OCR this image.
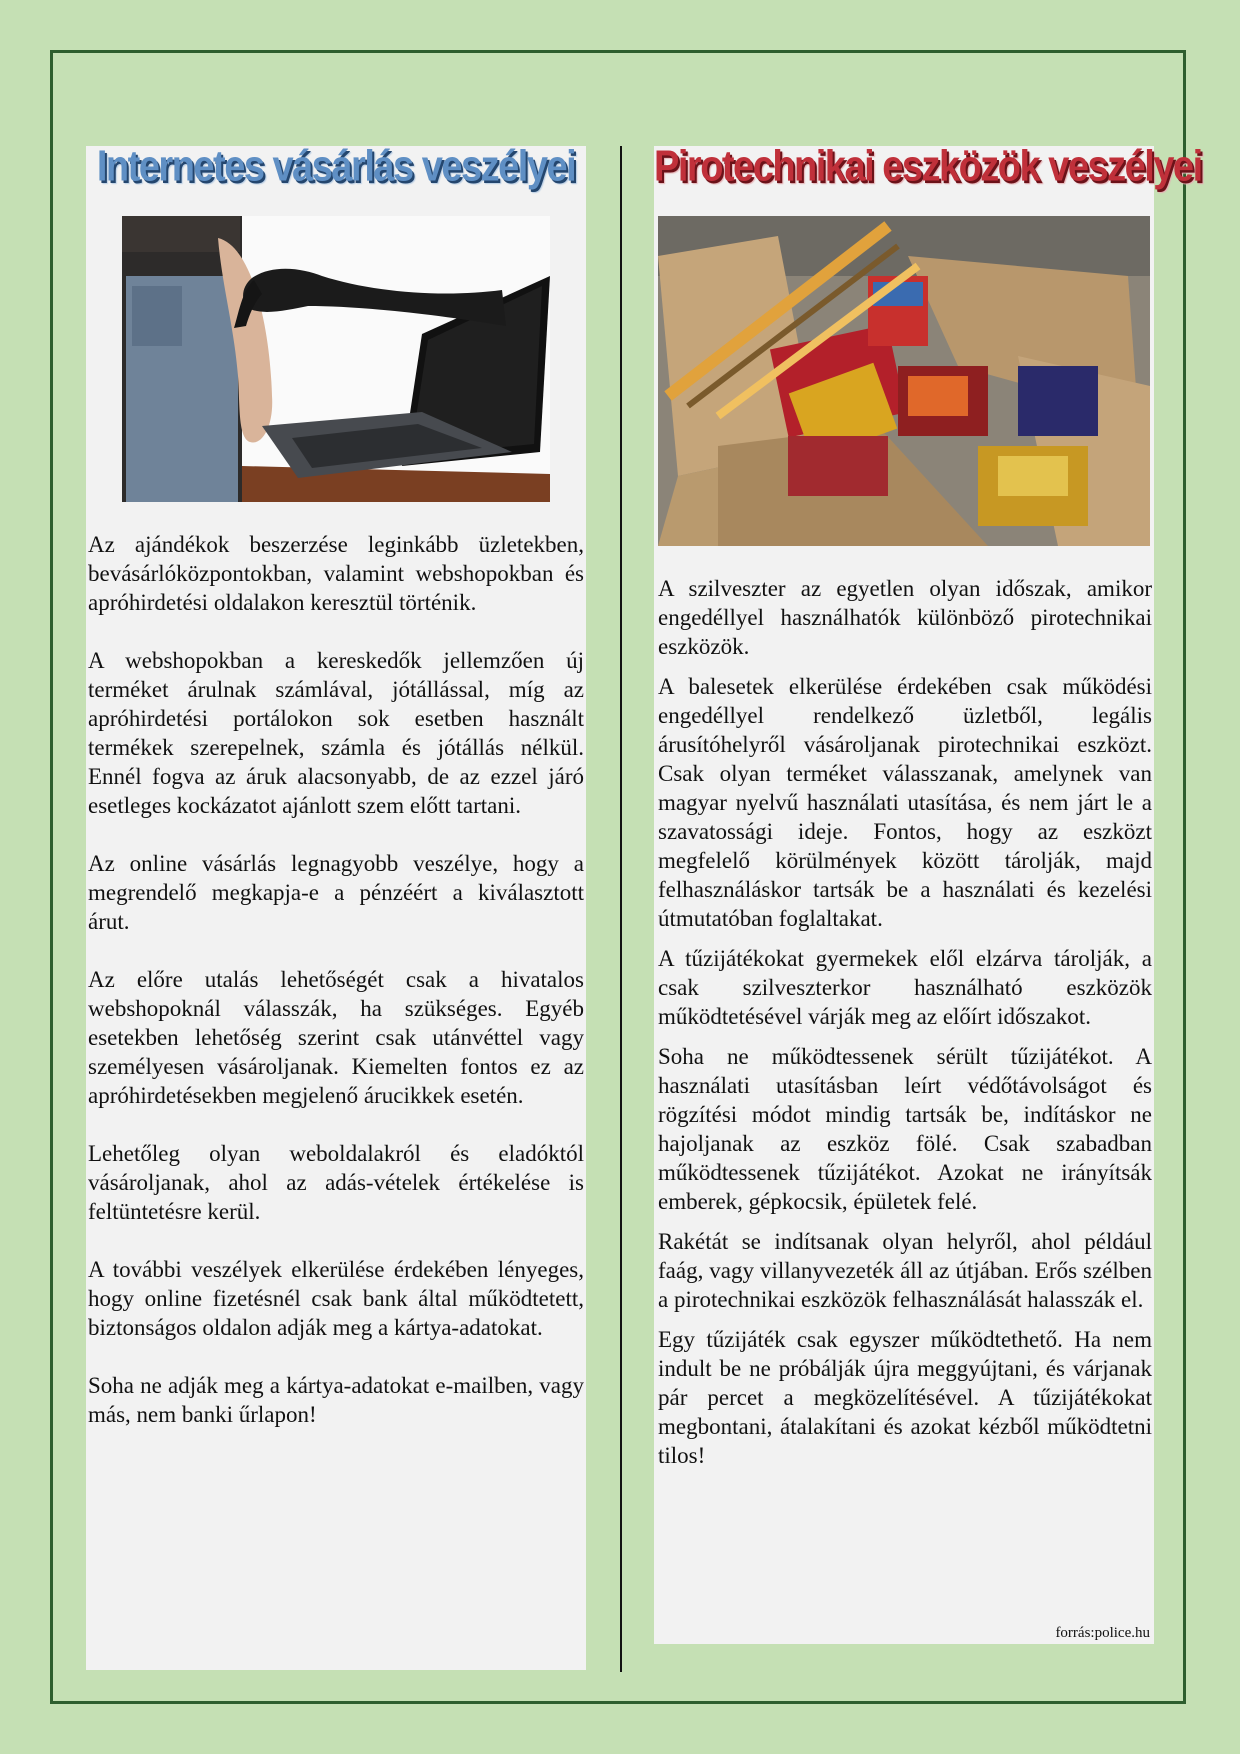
Internetes vásárlás veszélyei

Az ajándékok beszerzése leginkább üzletekben, bevásárlóközpontokban, valamint webshopokban és apróhirdetési oldalakon keresztül történik.

A webshopokban a kereskedők jellemzően új terméket árulnak számlával, jótállással, míg az apróhirdetési portálokon sok esetben használt termékek szerepelnek, számla és jótállás nélkül. Ennél fogva az áruk alacsonyabb, de az ezzel járó esetleges kockázatot ajánlott szem előtt tartani.

Az online vásárlás legnagyobb veszélye, hogy a megrendelő megkapja-e a pénzéért a kiválasztott árut.

Az előre utalás lehetőségét csak a hivatalos webshopoknál válasszák, ha szükséges. Egyéb esetekben lehetőség szerint csak utánvéttel vagy személyesen vásároljanak. Kiemelten fontos ez az apróhirdetésekben megjelenő árucikkek esetén.

Lehetőleg olyan weboldalakról és eladóktól vásároljanak, ahol az adás-vételek értékelése is feltüntetésre kerül.

A további veszélyek elkerülése érdekében lényeges, hogy online fizetésnél csak bank által működtetett, biztonságos oldalon adják meg a kártya-adatokat.

Soha ne adják meg a kártya-adatokat e-mailben, vagy más, nem banki űrlapon!

Pirotechnikai eszközök veszélyei

A szilveszter az egyetlen olyan időszak, amikor engedéllyel használhatók különböző pirotechnikai eszközök.

A balesetek elkerülése érdekében csak működési engedéllyel rendelkező üzletből, legális árusítóhelyről vásároljanak pirotechnikai eszközt. Csak olyan terméket válasszanak, amelynek van magyar nyelvű használati utasítása, és nem járt le a szavatossági ideje. Fontos, hogy az eszközt megfelelő körülmények között tárolják, majd felhasználáskor tartsák be a használati és kezelési útmutatóban foglaltakat.

A tűzijátékokat gyermekek elől elzárva tárolják, a csak szilveszterkor használható eszközök működtetésével várják meg az előírt időszakot.

Soha ne működtessenek sérült tűzijátékot. A használati utasításban leírt védőtávolságot és rögzítési módot mindig tartsák be, indításkor ne hajoljanak az eszköz fölé. Csak szabadban működtessenek tűzijátékot. Azokat ne irányítsák emberek, gépkocsik, épületek felé.

Rakétát se indítsanak olyan helyről, ahol például faág, vagy villanyvezeték áll az útjában. Erős szélben a pirotechnikai eszközök felhasználását halasszák el.

Egy tűzijáték csak egyszer működtethető. Ha nem indult be ne próbálják újra meggyújtani, és várjanak pár percet a megközelítésével. A tűzijátékokat megbontani, átalakítani és azokat kézből működtetni tilos!

forrás:police.hu
